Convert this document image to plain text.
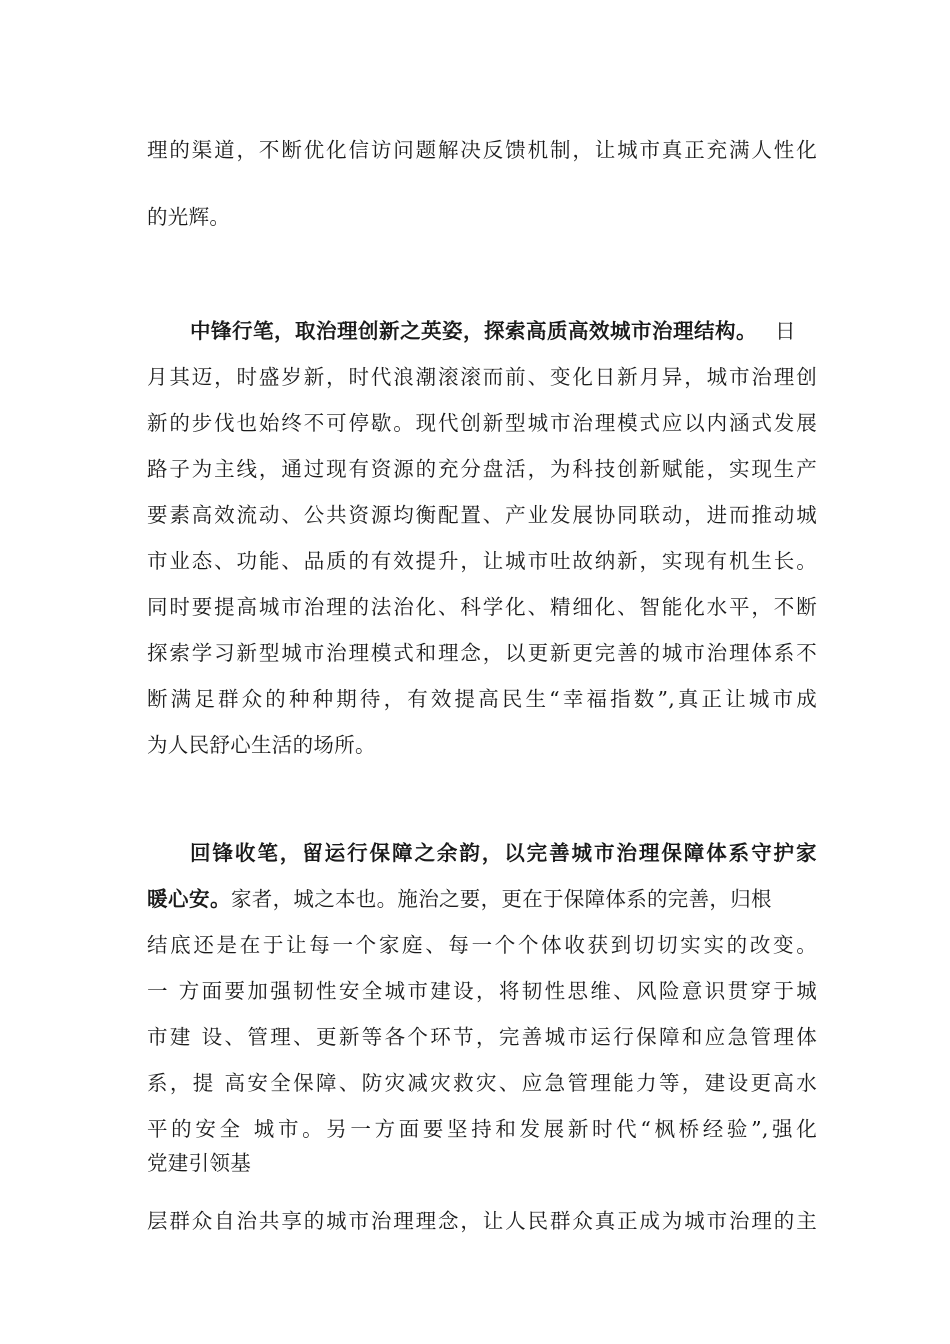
理的渠道，不断优化信访问题解决反馈机制，让城市真正充满人性化
的光辉。
中锋行笔，取治理创新之英姿，探索高质高效城市治理结构。 日
月其迈，时盛岁新，时代浪潮滚滚而前、变化日新月异，城市治理创
新的步伐也始终不可停歇。现代创新型城市治理模式应以内涵式发展
路子为主线，通过现有资源的充分盘活，为科技创新赋能，实现生产
要素高效流动、公共资源均衡配置、产业发展协同联动，进而推动城
市业态、功能、品质的有效提升，让城市吐故纳新，实现有机生长。
同时要提高城市治理的法治化、科学化、精细化、智能化水平，不断
探索学习新型城市治理模式和理念，以更新更完善的城市治理体系不
断满足群众的种种期待，有效提高民生“幸福指数”,真正让城市成
为人民舒心生活的场所。
回锋收笔，留运行保障之余韵，以完善城市治理保障体系守护家
暖心安。家者，城之本也。施治之要，更在于保障体系的完善，归根
结底还是在于让每一个家庭、每一个个体收获到切切实实的改变。
一 方面要加强韧性安全城市建设，将韧性思维、风险意识贯穿于城
市建 设、管理、更新等各个环节，完善城市运行保障和应急管理体
系，提 高安全保障、防灾减灾救灾、应急管理能力等，建设更高水
平的安全 城市。另一方面要坚持和发展新时代“枫桥经验”,强化
党建引领基
层群众自治共享的城市治理理念，让人民群众真正成为城市治理的主
